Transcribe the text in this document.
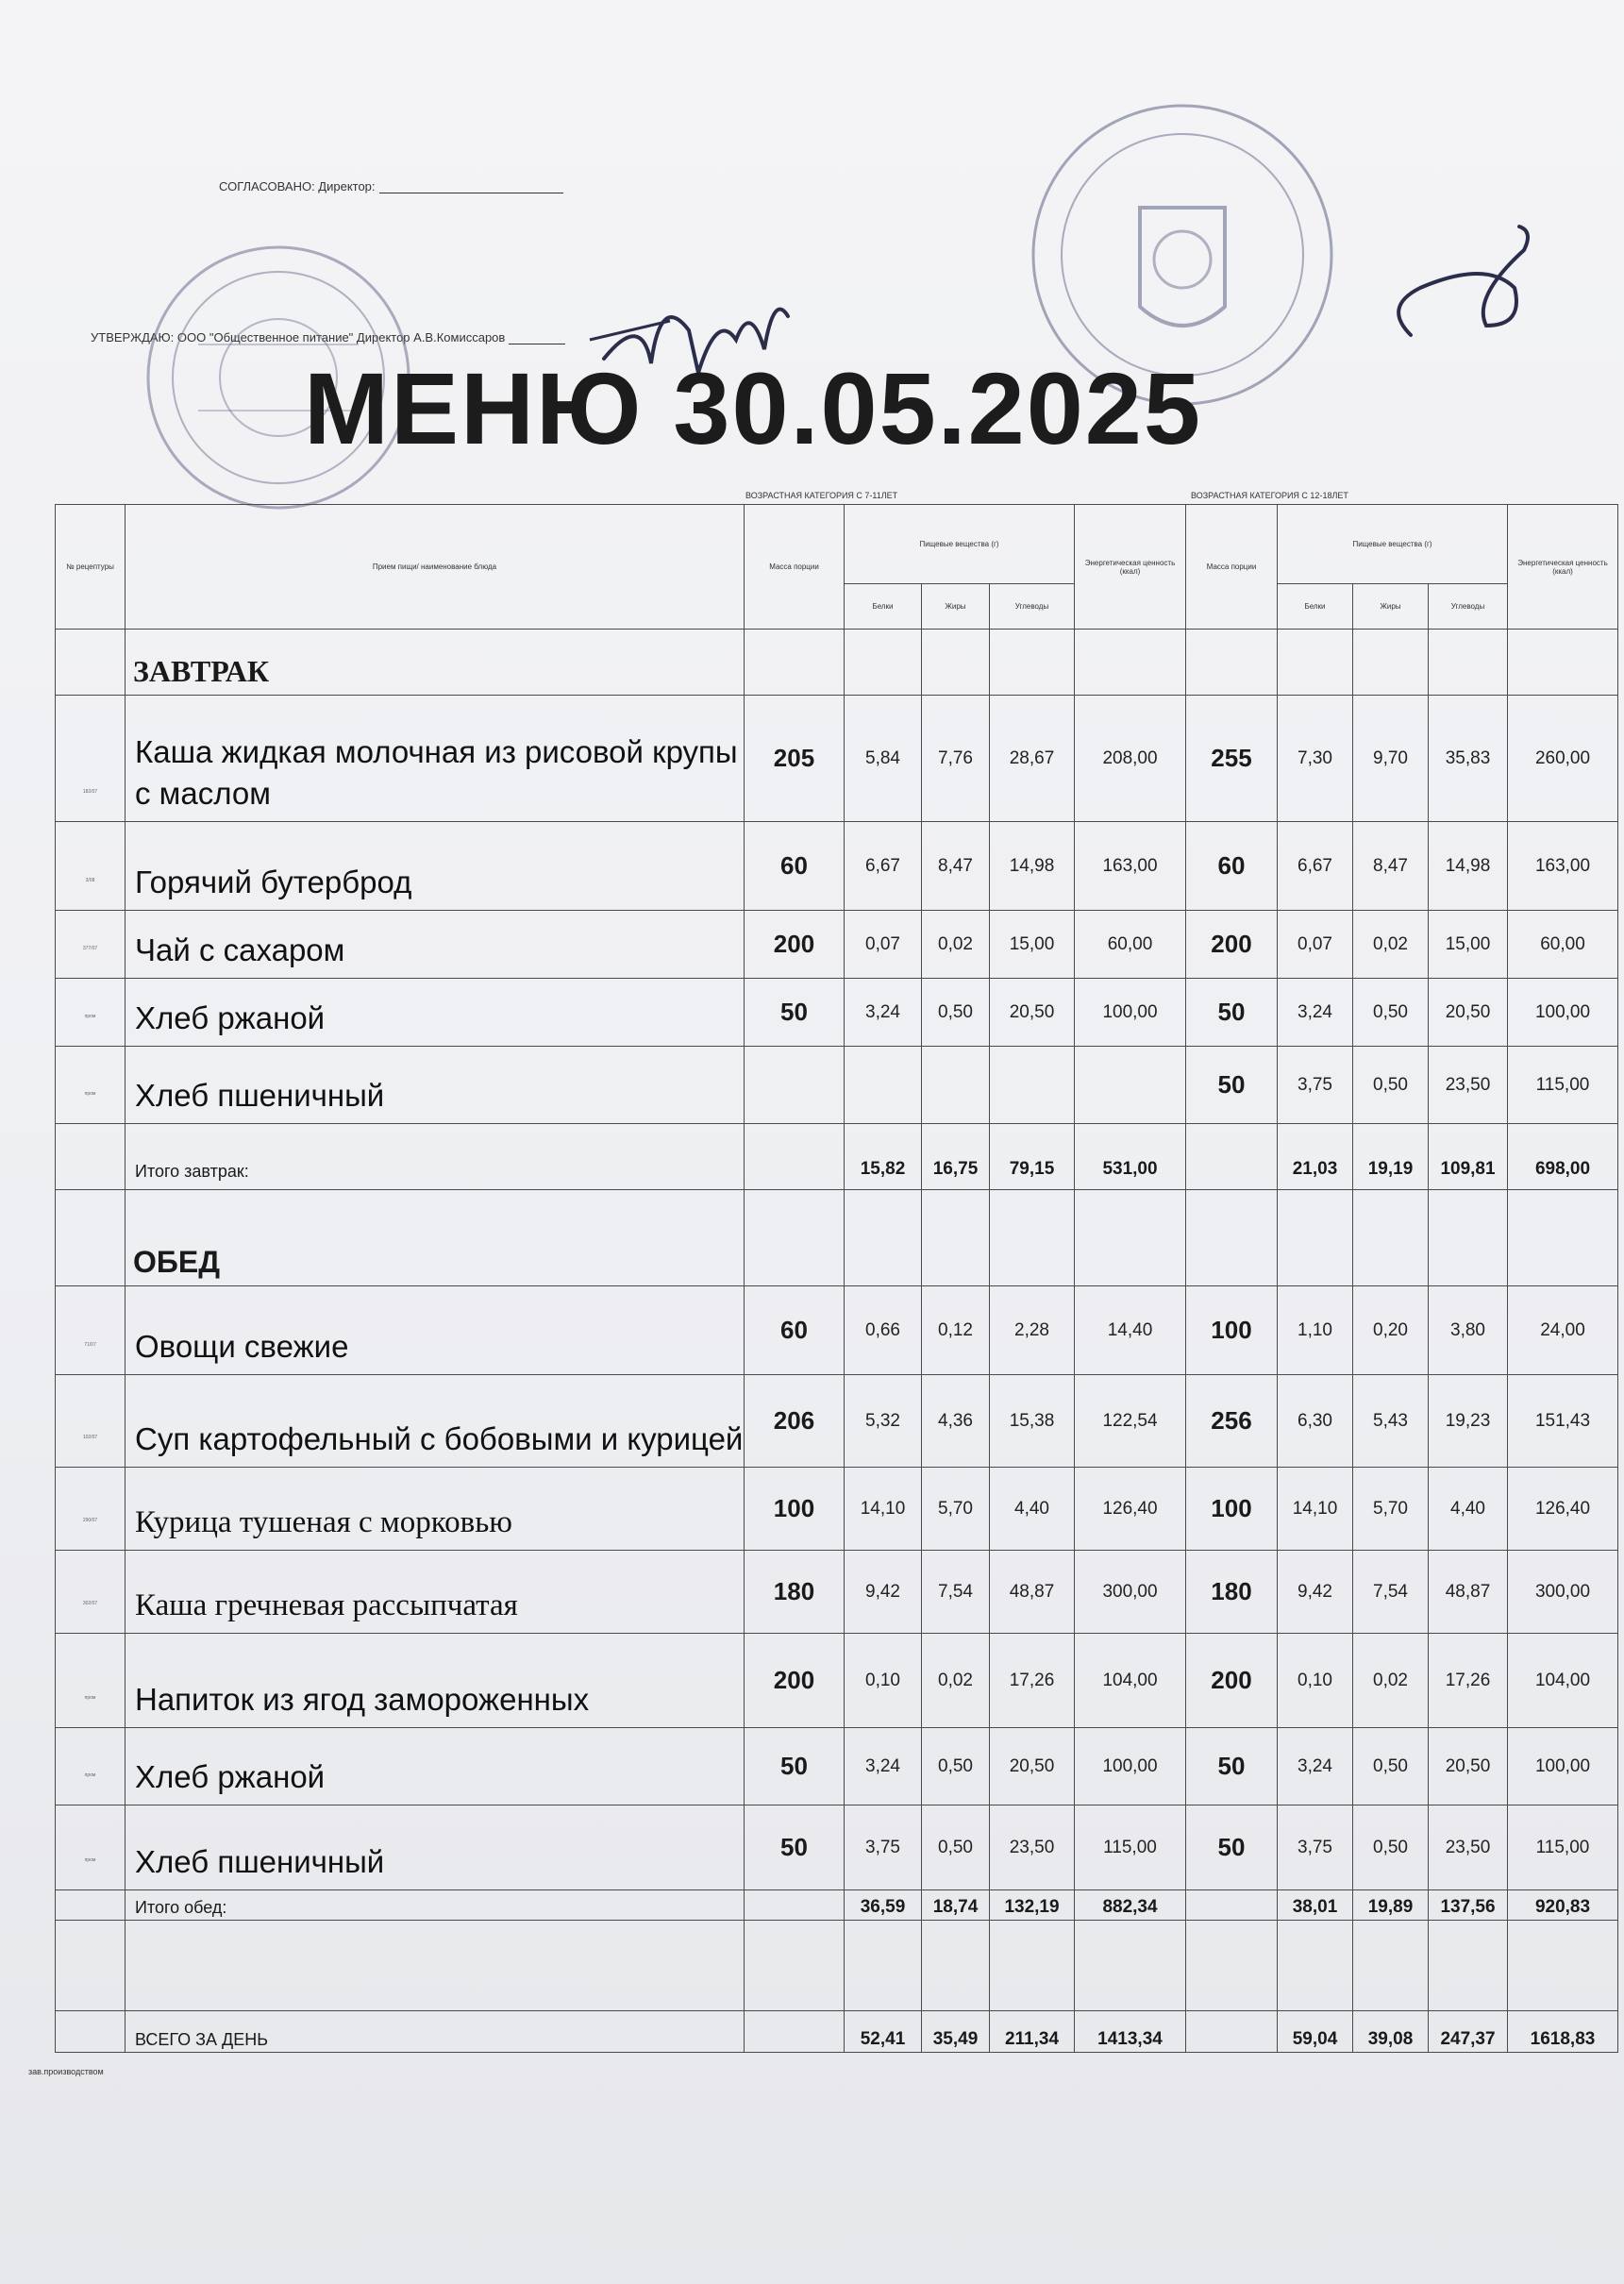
СОГЛАСОВАНО: Директор:
УТВЕРЖДАЮ: ООО "Общественное питание" Директор А.В.Комиссаров
МЕНЮ 30.05.2025
ВОЗРАСТНАЯ КАТЕГОРИЯ С 7-11ЛЕТ	ВОЗРАСТНАЯ КАТЕГОРИЯ С 12-18ЛЕТ
№ рецептуры	Прием пищи/ наименование блюда	Масса порции	Пищевые вещества (г)			Энергетическая ценность (ккал)	Масса порции	Пищевые вещества (г)			Энергетическая ценность (ккал)
			Белки	Жиры	Углеводы			Белки	Жиры	Углеводы	
	ЗАВТРАК										
182/07	Каша жидкая молочная из рисовой крупы с маслом	205	5,84	7,76	28,67	208,00	255	7,30	9,70	35,83	260,00
3/08	Горячий бутерброд	60	6,67	8,47	14,98	163,00	60	6,67	8,47	14,98	163,00
377/07	Чай с сахаром	200	0,07	0,02	15,00	60,00	200	0,07	0,02	15,00	60,00
пром	Хлеб ржаной	50	3,24	0,50	20,50	100,00	50	3,24	0,50	20,50	100,00
пром	Хлеб пшеничный						50	3,75	0,50	23,50	115,00
	Итого завтрак:		15,82	16,75	79,15	531,00		21,03	19,19	109,81	698,00
	ОБЕД										
71/07	Овощи свежие	60	0,66	0,12	2,28	14,40	100	1,10	0,20	3,80	24,00
102/07	Суп картофельный с бобовыми и курицей	206	5,32	4,36	15,38	122,54	256	6,30	5,43	19,23	151,43
290/07	Курица тушеная с морковью	100	14,10	5,70	4,40	126,40	100	14,10	5,70	4,40	126,40
302/07	Каша гречневая рассыпчатая	180	9,42	7,54	48,87	300,00	180	9,42	7,54	48,87	300,00
пром	Напиток из ягод замороженных	200	0,10	0,02	17,26	104,00	200	0,10	0,02	17,26	104,00
пром	Хлеб ржаной	50	3,24	0,50	20,50	100,00	50	3,24	0,50	20,50	100,00
пром	Хлеб пшеничный	50	3,75	0,50	23,50	115,00	50	3,75	0,50	23,50	115,00
	Итого обед:		36,59	18,74	132,19	882,34		38,01	19,89	137,56	920,83

	ВСЕГО ЗА ДЕНЬ		52,41	35,49	211,34	1413,34		59,04	39,08	247,37	1618,83
зав.производством
